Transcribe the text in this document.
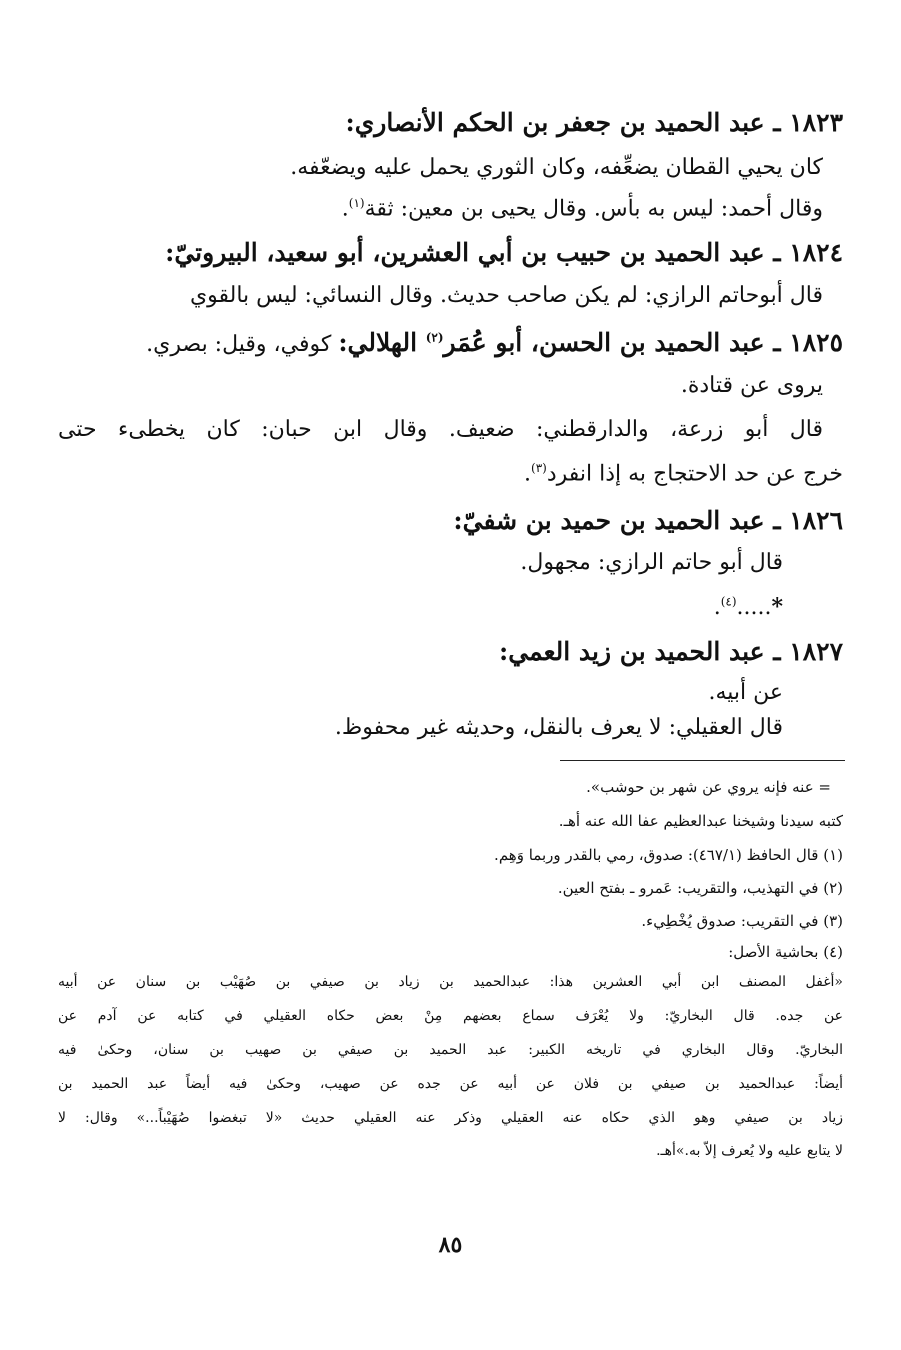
١٨٢٣ ـ عبد الحميد بن جعفر بن الحكم الأنصاري:
كان يحيي القطان يضعِّفه، وكان الثوري يحمل عليه ويضعّفه.
وقال أحمد: ليس به بأس. وقال يحيى بن معين: ثقة$^{(١)}$.
١٨٢٤ ـ عبد الحميد بن حبيب بن أبي العشرين، أبو سعيد، البيروتيّ:
قال أبوحاتم الرازي: لم يكن صاحب حديث. وقال النسائي: ليس بالقوي
١٨٢٥ ـ عبد الحميد بن الحسن، أبو عُمَر$^{(٢)}$ الهلالي: كوفي، وقيل: بصري.
يروى عن قتادة.
قال أبو زرعة، والدارقطني: ضعيف. وقال ابن حبان: كان يخطىء حتى
خرج عن حد الاحتجاج به إذا انفرد$^{(٣)}$.
١٨٢٦ ـ عبد الحميد بن حميد بن شفيّ:
قال أبو حاتم الرازي: مجهول.
*.....$^{(٤)}$.
١٨٢٧ ـ عبد الحميد بن زيد العمي:
عن أبيه.
قال العقيلي: لا يعرف بالنقل، وحديثه غير محفوظ.
= عنه فإنه يروي عن شهر بن حوشب».
كتبه سيدنا وشيخنا عبدالعظيم عفا الله عنه أهـ.
(١) قال الحافظ (٤٦٧/١): صدوق، رمي بالقدر وربما وَهِم.
(٢) في التهذيب، والتقريب: عَمرو ـ بفتح العين.
(٣) في التقريب: صدوق يُخْطِيء.
(٤) بحاشية الأصل:
«أغفل المصنف ابن أبي العشرين هذا: عبدالحميد بن زياد بن صيفي بن صُهَيْب بن سنان عن أبيه
عن جده. قال البخاريّ: ولا يُعْرَف سماع بعضهم مِنْ بعض حكاه العقيلي في كتابه عن آدم عن
البخاريّ. وقال البخاري في تاريخه الكبير: عبد الحميد بن صيفي بن صهيب بن سنان، وحكىٰ فيه
أيضاً: عبدالحميد بن صيفي بن فلان عن أبيه عن جده عن صهيب، وحكىٰ فيه أيضاً عبد الحميد بن
زياد بن صيفي وهو الذي حكاه عنه العقيلي وذكر عنه العقيلي حديث «لا تبغضوا صُهَيْباً...» وقال: لا
لا يتابع عليه ولا يُعرف إلاّ به.»أهـ.
٨٥
